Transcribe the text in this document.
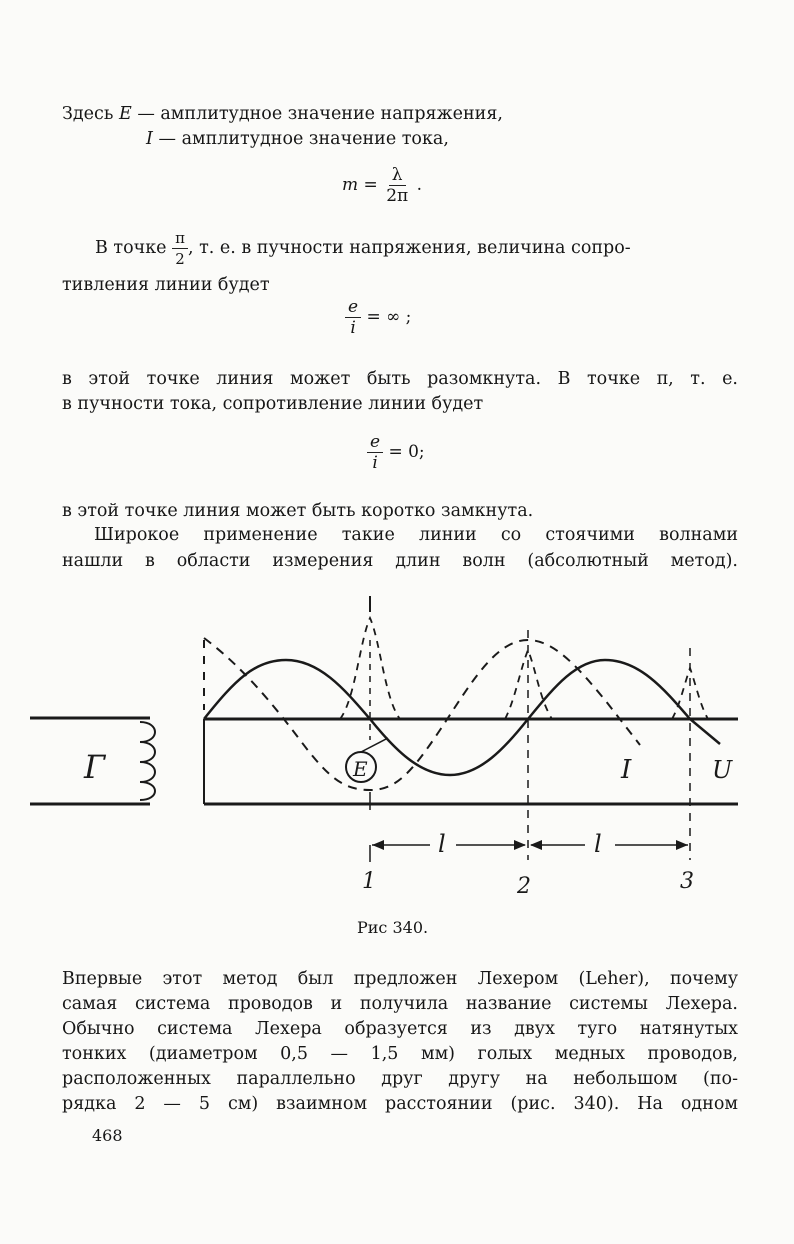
Здесь E — амплитудное значение напряжения,
I — амплитудное значение тока,
$m = \frac{\lambda}{2\pi}$ .
В точке $\frac{\pi}{2}$ , т. е. в пучности напряжения, величина сопро-
тивления линии будет
$\frac{e}{i}$ = ∞ ;
в этой точке линия может быть разомкнута. В точке π, т. е.
в пучности тока, сопротивление линии будет
$\frac{e}{i} = 0$;
в этой точке линия может быть коротко замкнута.
Широкое применение такие линии со стоячими волнами
нашли в области измерения длин волн (абсолютный метод).
Г	E	I	U
l	l
1	2	3
Рис 340.
Впервые этот метод был предложен Лехером (Leher), почему
самая система проводов и получила название системы Лехера.
Обычно система Лехера образуется из двух туго натянутых
тонких (диаметром 0,5 — 1,5 мм) голых медных проводов,
расположенных параллельно друг другу на небольшом (по-
рядка 2 — 5 см) взаимном расстоянии (рис. 340). На одном
468
